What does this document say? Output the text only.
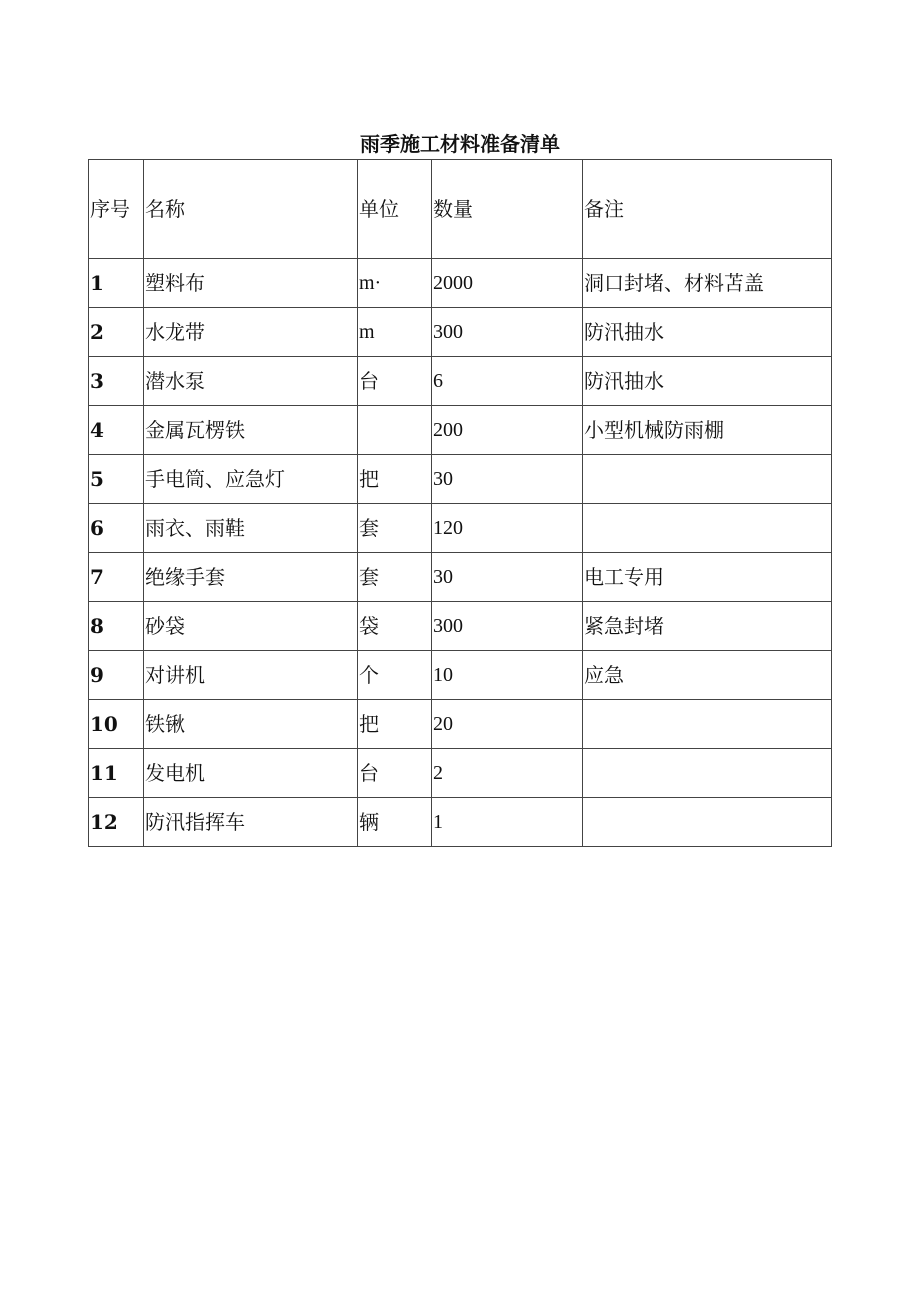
雨季施工材料准备清单
序号	名称	单位	数量	备注
1	塑料布	m·	2000	洞口封堵、材料苫盖
2	水龙带	m	300	防汛抽水
3	潜水泵	台	6	防汛抽水
4	金属瓦楞铁		200	小型机械防雨棚
5	手电筒、应急灯	把	30	
6	雨衣、雨鞋	套	120	
7	绝缘手套	套	30	电工专用
8	砂袋	袋	300	紧急封堵
9	对讲机	个	10	应急
10	铁锹	把	20	
11	发电机	台	2	
12	防汛指挥车	辆	1	
